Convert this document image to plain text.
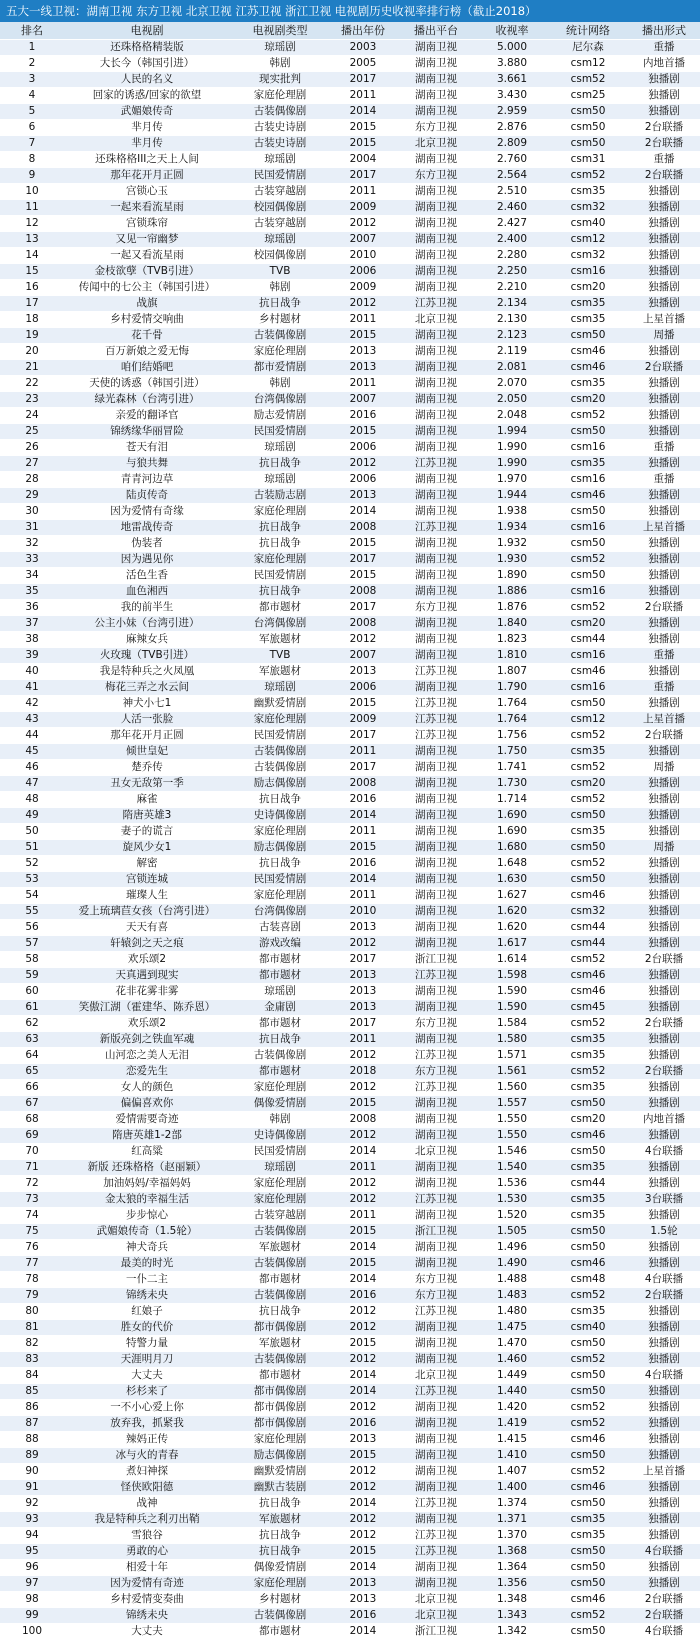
五大一线卫视：湖南卫视 东方卫视 北京卫视 江苏卫视 浙江卫视 电视剧历史收视率排行榜（截止2018）
排名	电视剧	电视剧类型	播出年份	播出平台	收视率	统计网络	播出形式
1	还珠格格精装版	琼瑶剧	2003	湖南卫视	5.000	尼尔森	重播
2	大长今（韩国引进）	韩剧	2005	湖南卫视	3.880	csm12	内地首播
3	人民的名义	现实批判	2017	湖南卫视	3.661	csm52	独播剧
4	回家的诱惑/回家的欲望	家庭伦理剧	2011	湖南卫视	3.430	csm25	独播剧
5	武媚娘传奇	古装偶像剧	2014	湖南卫视	2.959	csm50	独播剧
6	芈月传	古装史诗剧	2015	东方卫视	2.876	csm50	2台联播
7	芈月传	古装史诗剧	2015	北京卫视	2.809	csm50	2台联播
8	还珠格格III之天上人间	琼瑶剧	2004	湖南卫视	2.760	csm31	重播
9	那年花开月正圆	民国爱情剧	2017	东方卫视	2.564	csm52	2台联播
10	宫锁心玉	古装穿越剧	2011	湖南卫视	2.510	csm35	独播剧
11	一起来看流星雨	校园偶像剧	2009	湖南卫视	2.460	csm32	独播剧
12	宫锁珠帘	古装穿越剧	2012	湖南卫视	2.427	csm40	独播剧
13	又见一帘幽梦	琼瑶剧	2007	湖南卫视	2.400	csm12	独播剧
14	一起又看流星雨	校园偶像剧	2010	湖南卫视	2.280	csm32	独播剧
15	金枝欲孽（TVB引进）	TVB	2006	湖南卫视	2.250	csm16	独播剧
16	传闻中的七公主（韩国引进）	韩剧	2009	湖南卫视	2.210	csm20	独播剧
17	战旗	抗日战争	2012	江苏卫视	2.134	csm35	独播剧
18	乡村爱情交响曲	乡村题材	2011	北京卫视	2.130	csm35	上星首播
19	花千骨	古装偶像剧	2015	湖南卫视	2.123	csm50	周播
20	百万新娘之爱无悔	家庭伦理剧	2013	湖南卫视	2.119	csm46	独播剧
21	咱们结婚吧	都市爱情剧	2013	湖南卫视	2.081	csm46	2台联播
22	天使的诱惑（韩国引进）	韩剧	2011	湖南卫视	2.070	csm35	独播剧
23	绿光森林（台湾引进）	台湾偶像剧	2007	湖南卫视	2.050	csm20	独播剧
24	亲爱的翻译官	励志爱情剧	2016	湖南卫视	2.048	csm52	独播剧
25	锦绣缘华丽冒险	民国爱情剧	2015	湖南卫视	1.994	csm50	独播剧
26	苍天有泪	琼瑶剧	2006	湖南卫视	1.990	csm16	重播
27	与狼共舞	抗日战争	2012	江苏卫视	1.990	csm35	独播剧
28	青青河边草	琼瑶剧	2006	湖南卫视	1.970	csm16	重播
29	陆贞传奇	古装励志剧	2013	湖南卫视	1.944	csm46	独播剧
30	因为爱情有奇缘	家庭伦理剧	2014	湖南卫视	1.938	csm50	独播剧
31	地雷战传奇	抗日战争	2008	江苏卫视	1.934	csm16	上星首播
32	伪装者	抗日战争	2015	湖南卫视	1.932	csm50	独播剧
33	因为遇见你	家庭伦理剧	2017	湖南卫视	1.930	csm52	独播剧
34	活色生香	民国爱情剧	2015	湖南卫视	1.890	csm50	独播剧
35	血色湘西	抗日战争	2008	湖南卫视	1.886	csm16	独播剧
36	我的前半生	都市题材	2017	东方卫视	1.876	csm52	2台联播
37	公主小妹（台湾引进）	台湾偶像剧	2008	湖南卫视	1.840	csm20	独播剧
38	麻辣女兵	军旅题材	2012	湖南卫视	1.823	csm44	独播剧
39	火玫瑰（TVB引进）	TVB	2007	湖南卫视	1.810	csm16	重播
40	我是特种兵之火凤凰	军旅题材	2013	江苏卫视	1.807	csm46	独播剧
41	梅花三弄之水云间	琼瑶剧	2006	湖南卫视	1.790	csm16	重播
42	神犬小七1	幽默爱情剧	2015	江苏卫视	1.764	csm50	独播剧
43	人活一张脸	家庭伦理剧	2009	江苏卫视	1.764	csm12	上星首播
44	那年花开月正圆	民国爱情剧	2017	江苏卫视	1.756	csm52	2台联播
45	倾世皇妃	古装偶像剧	2011	湖南卫视	1.750	csm35	独播剧
46	楚乔传	古装偶像剧	2017	湖南卫视	1.741	csm52	周播
47	丑女无敌第一季	励志偶像剧	2008	湖南卫视	1.730	csm20	独播剧
48	麻雀	抗日战争	2016	湖南卫视	1.714	csm52	独播剧
49	隋唐英雄3	史诗偶像剧	2014	湖南卫视	1.690	csm50	独播剧
50	妻子的谎言	家庭伦理剧	2011	湖南卫视	1.690	csm35	独播剧
51	旋风少女1	励志偶像剧	2015	湖南卫视	1.680	csm50	周播
52	解密	抗日战争	2016	湖南卫视	1.648	csm52	独播剧
53	宫锁连城	民国爱情剧	2014	湖南卫视	1.630	csm50	独播剧
54	璀璨人生	家庭伦理剧	2011	湖南卫视	1.627	csm46	独播剧
55	爱上琉璃苣女孩（台湾引进）	台湾偶像剧	2010	湖南卫视	1.620	csm32	独播剧
56	天天有喜	古装喜剧	2013	湖南卫视	1.620	csm44	独播剧
57	轩辕剑之天之痕	游戏改编	2012	湖南卫视	1.617	csm44	独播剧
58	欢乐颂2	都市题材	2017	浙江卫视	1.614	csm52	2台联播
59	天真遇到现实	都市题材	2013	江苏卫视	1.598	csm46	独播剧
60	花非花雾非雾	琼瑶剧	2013	湖南卫视	1.590	csm46	独播剧
61	笑傲江湖（霍建华、陈乔恩）	金庸剧	2013	湖南卫视	1.590	csm45	独播剧
62	欢乐颂2	都市题材	2017	东方卫视	1.584	csm52	2台联播
63	新版亮剑之铁血军魂	抗日战争	2011	湖南卫视	1.580	csm35	独播剧
64	山河恋之美人无泪	古装偶像剧	2012	江苏卫视	1.571	csm35	独播剧
65	恋爱先生	都市题材	2018	东方卫视	1.561	csm52	2台联播
66	女人的颜色	家庭伦理剧	2012	江苏卫视	1.560	csm35	独播剧
67	偏偏喜欢你	偶像爱情剧	2015	湖南卫视	1.557	csm50	独播剧
68	爱情需要奇迹	韩剧	2008	湖南卫视	1.550	csm20	内地首播
69	隋唐英雄1-2部	史诗偶像剧	2012	湖南卫视	1.550	csm46	独播剧
70	红高粱	民国爱情剧	2014	北京卫视	1.546	csm50	4台联播
71	新版 还珠格格（赵丽颖）	琼瑶剧	2011	湖南卫视	1.540	csm35	独播剧
72	加油妈妈/幸福妈妈	家庭伦理剧	2012	湖南卫视	1.536	csm44	独播剧
73	金太狼的幸福生活	家庭伦理剧	2012	江苏卫视	1.530	csm35	3台联播
74	步步惊心	古装穿越剧	2011	湖南卫视	1.520	csm35	独播剧
75	武媚娘传奇（1.5轮）	古装偶像剧	2015	浙江卫视	1.505	csm50	1.5轮
76	神犬奇兵	军旅题材	2014	湖南卫视	1.496	csm50	独播剧
77	最美的时光	古装偶像剧	2015	湖南卫视	1.490	csm46	独播剧
78	一仆二主	都市题材	2014	东方卫视	1.488	csm48	4台联播
79	锦绣未央	古装偶像剧	2016	东方卫视	1.483	csm52	2台联播
80	红娘子	抗日战争	2012	江苏卫视	1.480	csm35	独播剧
81	胜女的代价	都市偶像剧	2012	湖南卫视	1.475	csm40	独播剧
82	特警力量	军旅题材	2015	湖南卫视	1.470	csm50	独播剧
83	天涯明月刀	古装偶像剧	2012	湖南卫视	1.460	csm52	独播剧
84	大丈夫	都市题材	2014	北京卫视	1.449	csm50	4台联播
85	杉杉来了	都市偶像剧	2014	江苏卫视	1.440	csm50	独播剧
86	一不小心爱上你	都市偶像剧	2012	湖南卫视	1.420	csm52	独播剧
87	放弃我，抓紧我	都市偶像剧	2016	湖南卫视	1.419	csm52	独播剧
88	辣妈正传	家庭伦理剧	2013	湖南卫视	1.415	csm46	独播剧
89	冰与火的青春	励志偶像剧	2015	湖南卫视	1.410	csm50	独播剧
90	煮妇神探	幽默爱情剧	2012	湖南卫视	1.407	csm52	上星首播
91	怪侠欧阳德	幽默古装剧	2012	湖南卫视	1.400	csm46	独播剧
92	战神	抗日战争	2014	江苏卫视	1.374	csm50	独播剧
93	我是特种兵之利刃出鞘	军旅题材	2012	湖南卫视	1.371	csm35	独播剧
94	雪狼谷	抗日战争	2012	江苏卫视	1.370	csm35	独播剧
95	勇敢的心	抗日战争	2015	江苏卫视	1.368	csm50	4台联播
96	相爱十年	偶像爱情剧	2014	湖南卫视	1.364	csm50	独播剧
97	因为爱情有奇迹	家庭伦理剧	2013	湖南卫视	1.356	csm50	独播剧
98	乡村爱情变奏曲	乡村题材	2013	北京卫视	1.348	csm46	2台联播
99	锦绣未央	古装偶像剧	2016	北京卫视	1.343	csm52	2台联播
100	大丈夫	都市题材	2014	浙江卫视	1.342	csm50	4台联播
